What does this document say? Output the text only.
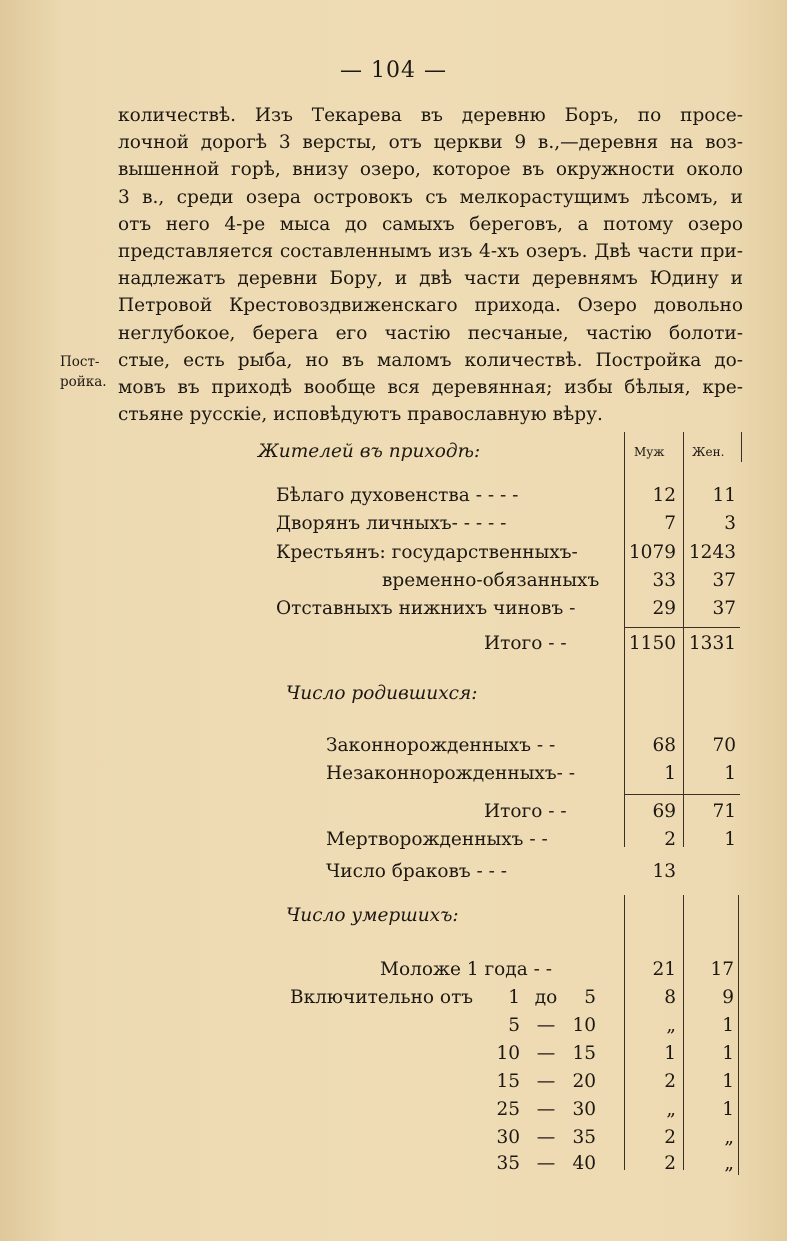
— 104 —
количествѣ. Изъ Текарева въ деревню Боръ, по просе-
лочной дорогѣ 3 версты, отъ церкви 9 в.,—деревня на воз-
вышенной горѣ, внизу озеро, которое въ окружности около
3 в., среди озера островокъ съ мелкорастущимъ лѣсомъ, и
отъ него 4-ре мыса до самыхъ береговъ, а потому озеро
представляется составленнымъ изъ 4-хъ озеръ. Двѣ части при-
надлежатъ деревни Бору, и двѣ части деревнямъ Юдину и
Петровой Крестовоздвиженскаго прихода. Озеро довольно
неглубокое, берега его частію песчаные, частію болоти-
стые, есть рыба, но въ маломъ количествѣ. Постройка до-
мовъ въ приходѣ вообще вся деревянная; избы бѣлыя, кре-
стьяне русскіе, исповѣдуютъ православную вѣру.
Пост-
ройка.
Муж Жен.
Жителей въ приходѣ:
Бѣлаго духовенства - - - -	12	11
Дворянъ личныхъ- - - - -	7	3
Крестьянъ: государственныхъ-	1079 1243
временно-обязанныхъ	33	37
Отставныхъ нижнихъ чиновъ -	29	37
Итого - -	1150 1331
Число родившихся:
Законнорожденныхъ - -	68	70
Незаконнорожденныхъ- -	1	1
Итого - -	69	71
Мертворожденныхъ - -	2	1
Число браковъ - - -	13
Число умершихъ:
Моложе 1 года - -	21	17
Включительно отъ	1 до	5	8	9
5 — 10	„	1
10 — 15	1	1
15 — 20	2	1
25 — 30	„	1
30 — 35	2	„
35 — 40	2	„
